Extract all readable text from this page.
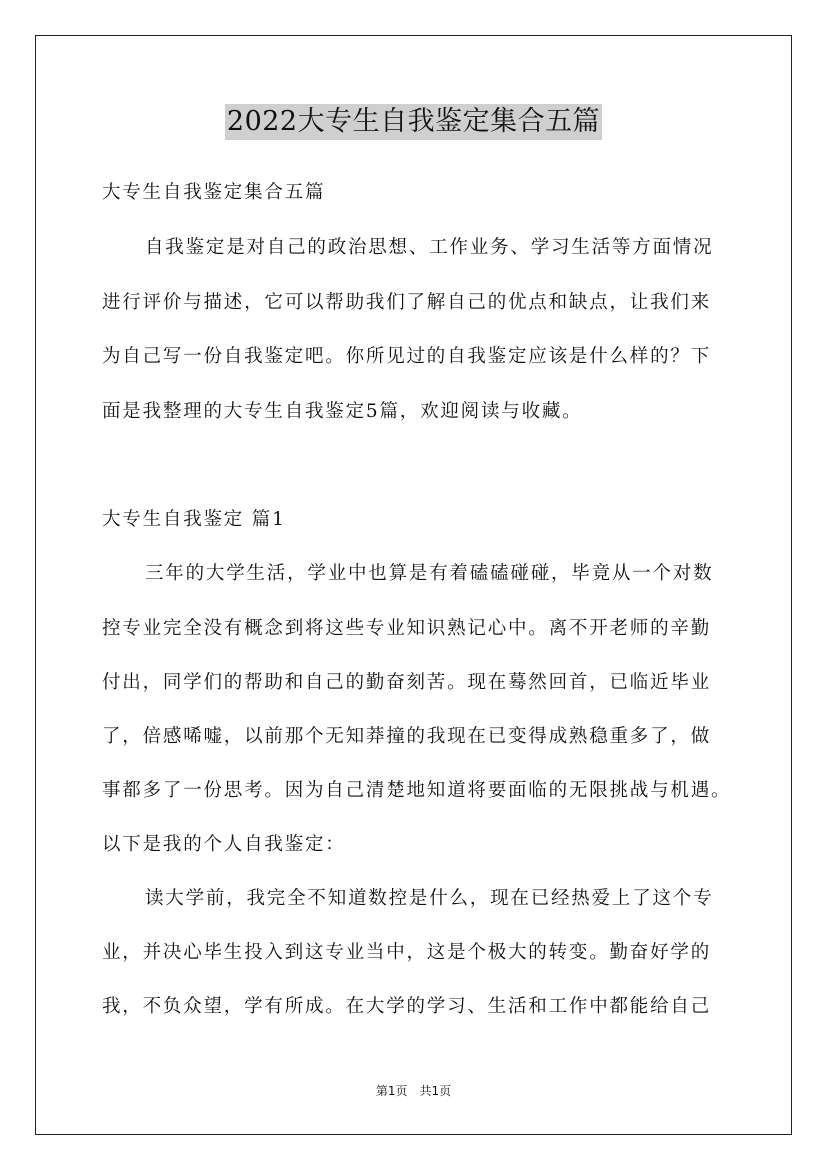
2022大专生自我鉴定集合五篇
大专生自我鉴定集合五篇
自我鉴定是对自己的政治思想、工作业务、学习生活等方面情况
进行评价与描述，它可以帮助我们了解自己的优点和缺点，让我们来
为自己写一份自我鉴定吧。你所见过的自我鉴定应该是什么样的？下
面是我整理的大专生自我鉴定5篇，欢迎阅读与收藏。
大专生自我鉴定 篇1
三年的大学生活，学业中也算是有着磕磕碰碰，毕竟从一个对数
控专业完全没有概念到将这些专业知识熟记心中。离不开老师的辛勤
付出，同学们的帮助和自己的勤奋刻苦。现在蓦然回首，已临近毕业
了，倍感唏嘘，以前那个无知莽撞的我现在已变得成熟稳重多了，做
事都多了一份思考。因为自己清楚地知道将要面临的无限挑战与机遇。
以下是我的个人自我鉴定：
读大学前，我完全不知道数控是什么，现在已经热爱上了这个专
业，并决心毕生投入到这专业当中，这是个极大的转变。勤奋好学的
我，不负众望，学有所成。在大学的学习、生活和工作中都能给自己
第1页　共1页
